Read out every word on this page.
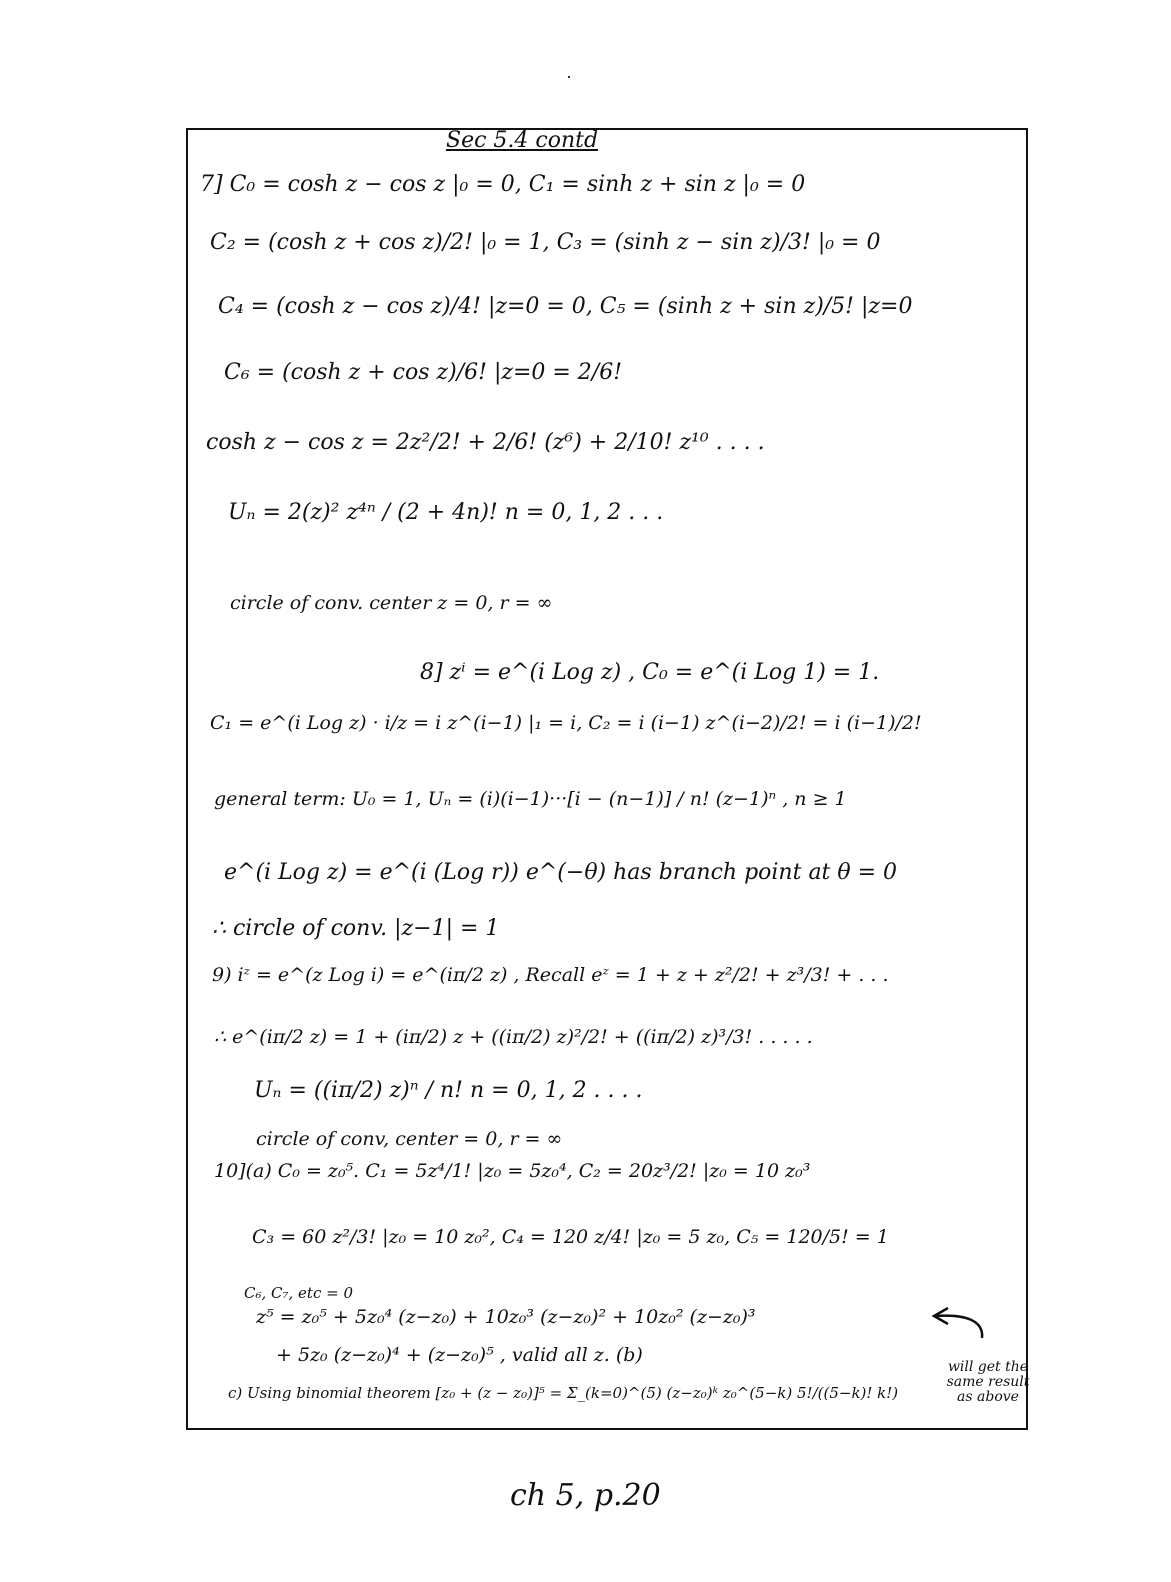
Sec 5.4 contd
7] C₀ = cosh z − cos z |₀ = 0, C₁ = sinh z + sin z |₀ = 0
C₂ = (cosh z + cos z)/2! |₀ = 1, C₃ = (sinh z − sin z)/3! |₀ = 0
C₄ = (cosh z − cos z)/4! |z=0 = 0, C₅ = (sinh z + sin z)/5! |z=0
C₆ = (cosh z + cos z)/6! |z=0 = 2/6!
cosh z − cos z = 2z²/2! + 2/6! (z⁶) + 2/10! z¹⁰ . . . .
Uₙ = 2(z)² z⁴ⁿ / (2 + 4n)! n = 0, 1, 2 . . .
circle of conv. center z = 0, r = ∞
8] zⁱ = e^(i Log z) , C₀ = e^(i Log 1) = 1.
C₁ = e^(i Log z) · i/z = i z^(i−1) |₁ = i, C₂ = i (i−1) z^(i−2)/2! = i (i−1)/2!
general term: U₀ = 1, Uₙ = (i)(i−1)···[i − (n−1)] / n! (z−1)ⁿ , n ≥ 1
e^(i Log z) = e^(i (Log r)) e^(−θ) has branch point at θ = 0
∴ circle of conv. |z−1| = 1
9) iᶻ = e^(z Log i) = e^(iπ/2 z) , Recall eᶻ = 1 + z + z²/2! + z³/3! + . . .
∴ e^(iπ/2 z) = 1 + (iπ/2) z + ((iπ/2) z)²/2! + ((iπ/2) z)³/3! . . . . .
Uₙ = ((iπ/2) z)ⁿ / n! n = 0, 1, 2 . . . .
circle of conv, center = 0, r = ∞
10](a) C₀ = z₀⁵. C₁ = 5z⁴/1! |z₀ = 5z₀⁴, C₂ = 20z³/2! |z₀ = 10 z₀³
C₃ = 60 z²/3! |z₀ = 10 z₀², C₄ = 120 z/4! |z₀ = 5 z₀, C₅ = 120/5! = 1
C₆, C₇, etc = 0
z⁵ = z₀⁵ + 5z₀⁴ (z−z₀) + 10z₀³ (z−z₀)² + 10z₀² (z−z₀)³
+ 5z₀ (z−z₀)⁴ + (z−z₀)⁵ , valid all z. (b)
c) Using binomial theorem [z₀ + (z − z₀)]⁵ = Σ_(k=0)^(5) (z−z₀)ᵏ z₀^(5−k) 5!/((5−k)! k!)
will get the same result as above
ch 5, p.20
